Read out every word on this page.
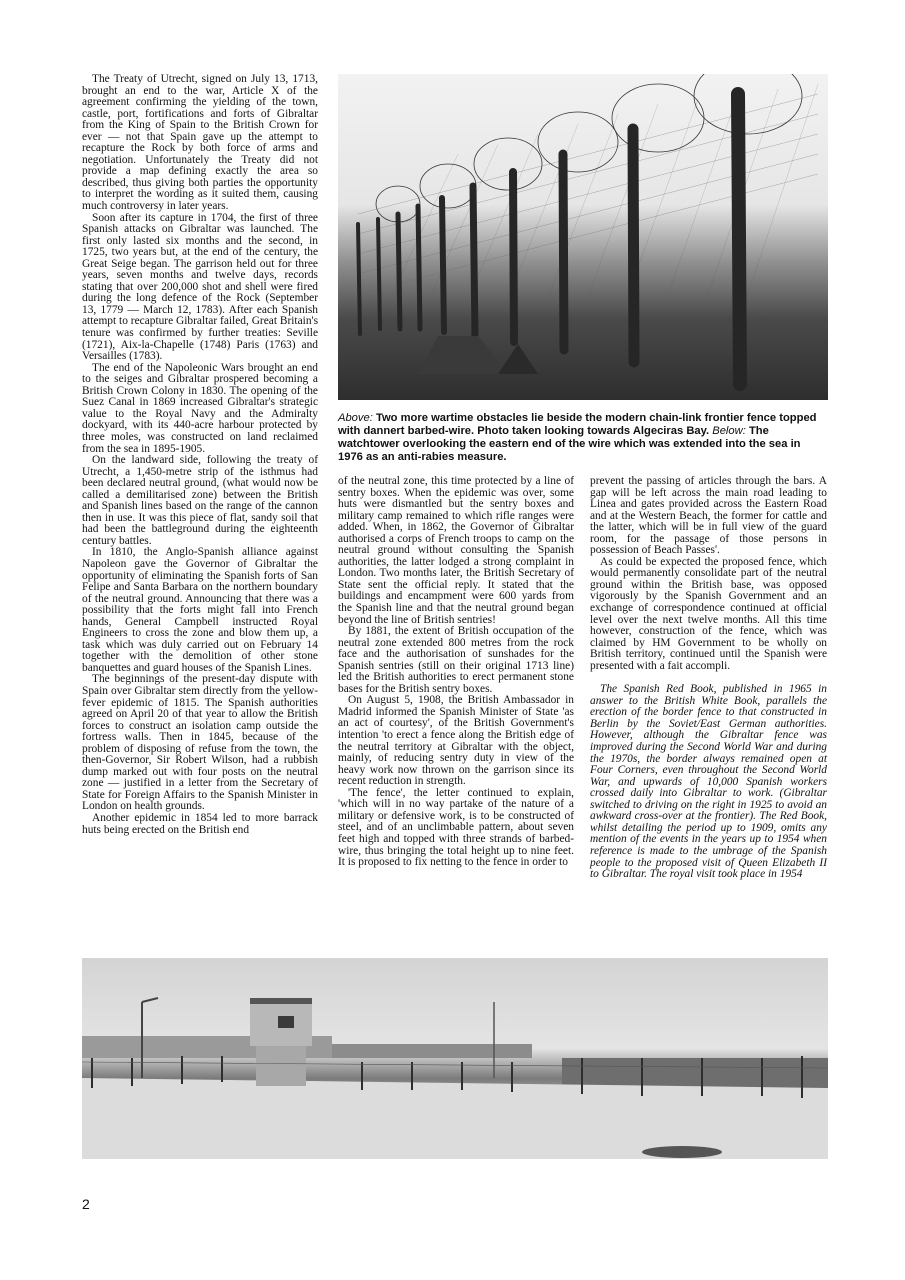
The Treaty of Utrecht, signed on July 13, 1713, brought an end to the war, Article X of the agreement confirming the yielding of the town, castle, port, fortifications and forts of Gibraltar from the King of Spain to the British Crown for ever — not that Spain gave up the attempt to recapture the Rock by both force of arms and negotiation. Unfortunately the Treaty did not provide a map defining exactly the area so described, thus giving both parties the opportunity to interpret the wording as it suited them, causing much controversy in later years.

Soon after its capture in 1704, the first of three Spanish attacks on Gibraltar was launched. The first only lasted six months and the second, in 1725, two years but, at the end of the century, the Great Seige began. The garrison held out for three years, seven months and twelve days, records stating that over 200,000 shot and shell were fired during the long defence of the Rock (September 13, 1779 — March 12, 1783). After each Spanish attempt to recapture Gibraltar failed, Great Britain's tenure was confirmed by further treaties: Seville (1721), Aix-la-Chapelle (1748) Paris (1763) and Versailles (1783).

The end of the Napoleonic Wars brought an end to the seiges and Gibraltar prospered becoming a British Crown Colony in 1830. The opening of the Suez Canal in 1869 increased Gibraltar's strategic value to the Royal Navy and the Admiralty dockyard, with its 440-acre harbour protected by three moles, was constructed on land reclaimed from the sea in 1895-1905.

On the landward side, following the treaty of Utrecht, a 1,450-metre strip of the isthmus had been declared neutral ground, (what would now be called a demilitarised zone) between the British and Spanish lines based on the range of the cannon then in use. It was this piece of flat, sandy soil that had been the battleground during the eighteenth century battles.

In 1810, the Anglo-Spanish alliance against Napoleon gave the Governor of Gibraltar the opportunity of eliminating the Spanish forts of San Felipe and Santa Barbara on the northern boundary of the neutral ground. Announcing that there was a possibility that the forts might fall into French hands, General Campbell instructed Royal Engineers to cross the zone and blow them up, a task which was duly carried out on February 14 together with the demolition of other stone banquettes and guard houses of the Spanish Lines.

The beginnings of the present-day dispute with Spain over Gibraltar stem directly from the yellow-fever epidemic of 1815. The Spanish authorities agreed on April 20 of that year to allow the British forces to construct an isolation camp outside the fortress walls. Then in 1845, because of the problem of disposing of refuse from the town, the then-Governor, Sir Robert Wilson, had a rubbish dump marked out with four posts on the neutral zone — justified in a letter from the Secretary of State for Foreign Affairs to the Spanish Minister in London on health grounds.

Another epidemic in 1854 led to more barrack huts being erected on the British end

Above: Two more wartime obstacles lie beside the modern chain-link frontier fence topped with dannert barbed-wire. Photo taken looking towards Algeciras Bay. Below: The watchtower overlooking the eastern end of the wire which was extended into the sea in 1976 as an anti-rabies measure.

of the neutral zone, this time protected by a line of sentry boxes. When the epidemic was over, some huts were dismantled but the sentry boxes and military camp remained to which rifle ranges were added. When, in 1862, the Governor of Gibraltar authorised a corps of French troops to camp on the neutral ground without consulting the Spanish authorities, the latter lodged a strong complaint in London. Two months later, the British Secretary of State sent the official reply. It stated that the buildings and encampment were 600 yards from the Spanish line and that the neutral ground began beyond the line of British sentries!

By 1881, the extent of British occupation of the neutral zone extended 800 metres from the rock face and the authorisation of sunshades for the Spanish sentries (still on their original 1713 line) led the British authorities to erect permanent stone bases for the British sentry boxes.

On August 5, 1908, the British Ambassador in Madrid informed the Spanish Minister of State 'as an act of courtesy', of the British Government's intention 'to erect a fence along the British edge of the neutral territory at Gibraltar with the object, mainly, of reducing sentry duty in view of the heavy work now thrown on the garrison since its recent reduction in strength.

'The fence', the letter continued to explain, 'which will in no way partake of the nature of a military or defensive work, is to be constructed of steel, and of an unclimbable pattern, about seven feet high and topped with three strands of barbed-wire, thus bringing the total height up to nine feet. It is proposed to fix netting to the fence in order to

prevent the passing of articles through the bars. A gap will be left across the main road leading to Linea and gates provided across the Eastern Road and at the Western Beach, the former for cattle and the latter, which will be in full view of the guard room, for the passage of those persons in possession of Beach Passes'.

As could be expected the proposed fence, which would permanently consolidate part of the neutral ground within the British base, was opposed vigorously by the Spanish Government and an exchange of correspondence continued at official level over the next twelve months. All this time however, construction of the fence, which was claimed by HM Government to be wholly on British territory, continued until the Spanish were presented with a fait accompli.

The Spanish Red Book, published in 1965 in answer to the British White Book, parallels the erection of the border fence to that constructed in Berlin by the Soviet/East German authorities. However, although the Gibraltar fence was improved during the Second World War and during the 1970s, the border always remained open at Four Corners, even throughout the Second World War, and upwards of 10,000 Spanish workers crossed daily into Gibraltar to work. (Gibraltar switched to driving on the right in 1925 to avoid an awkward cross-over at the frontier). The Red Book, whilst detailing the period up to 1909, omits any mention of the events in the years up to 1954 when reference is made to the umbrage of the Spanish people to the proposed visit of Queen Elizabeth II to Gibraltar. The royal visit took place in 1954

2
